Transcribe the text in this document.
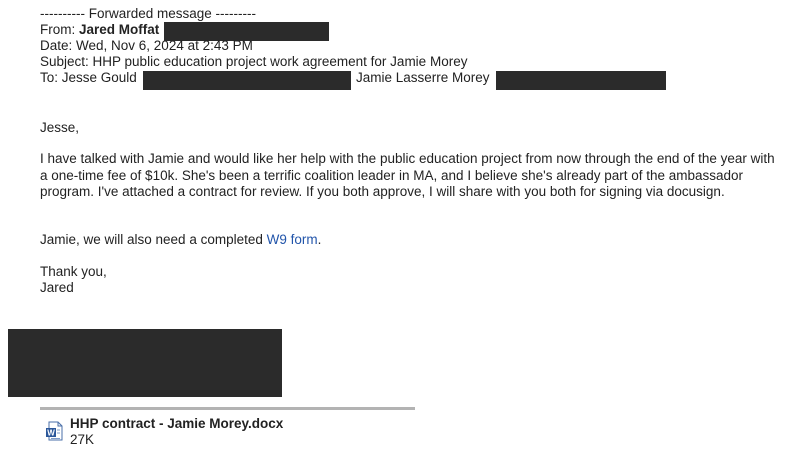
---------- Forwarded message ---------
From: Jared Moffat
Date: Wed, Nov 6, 2024 at 2:43 PM
Subject: HHP public education project work agreement for Jamie Morey
To: Jesse Gould	Jamie Lasserre Morey
Jesse,
I have talked with Jamie and would like her help with the public education project from now through the end of the year with a one-time fee of $10k. She's been a terrific coalition leader in MA, and I believe she's already part of the ambassador program. I've attached a contract for review. If you both approve, I will share with you both for signing via docusign.
Jamie, we will also need a completed W9 form.
Thank you,
Jared
W
HHP contract - Jamie Morey.docx
27K
